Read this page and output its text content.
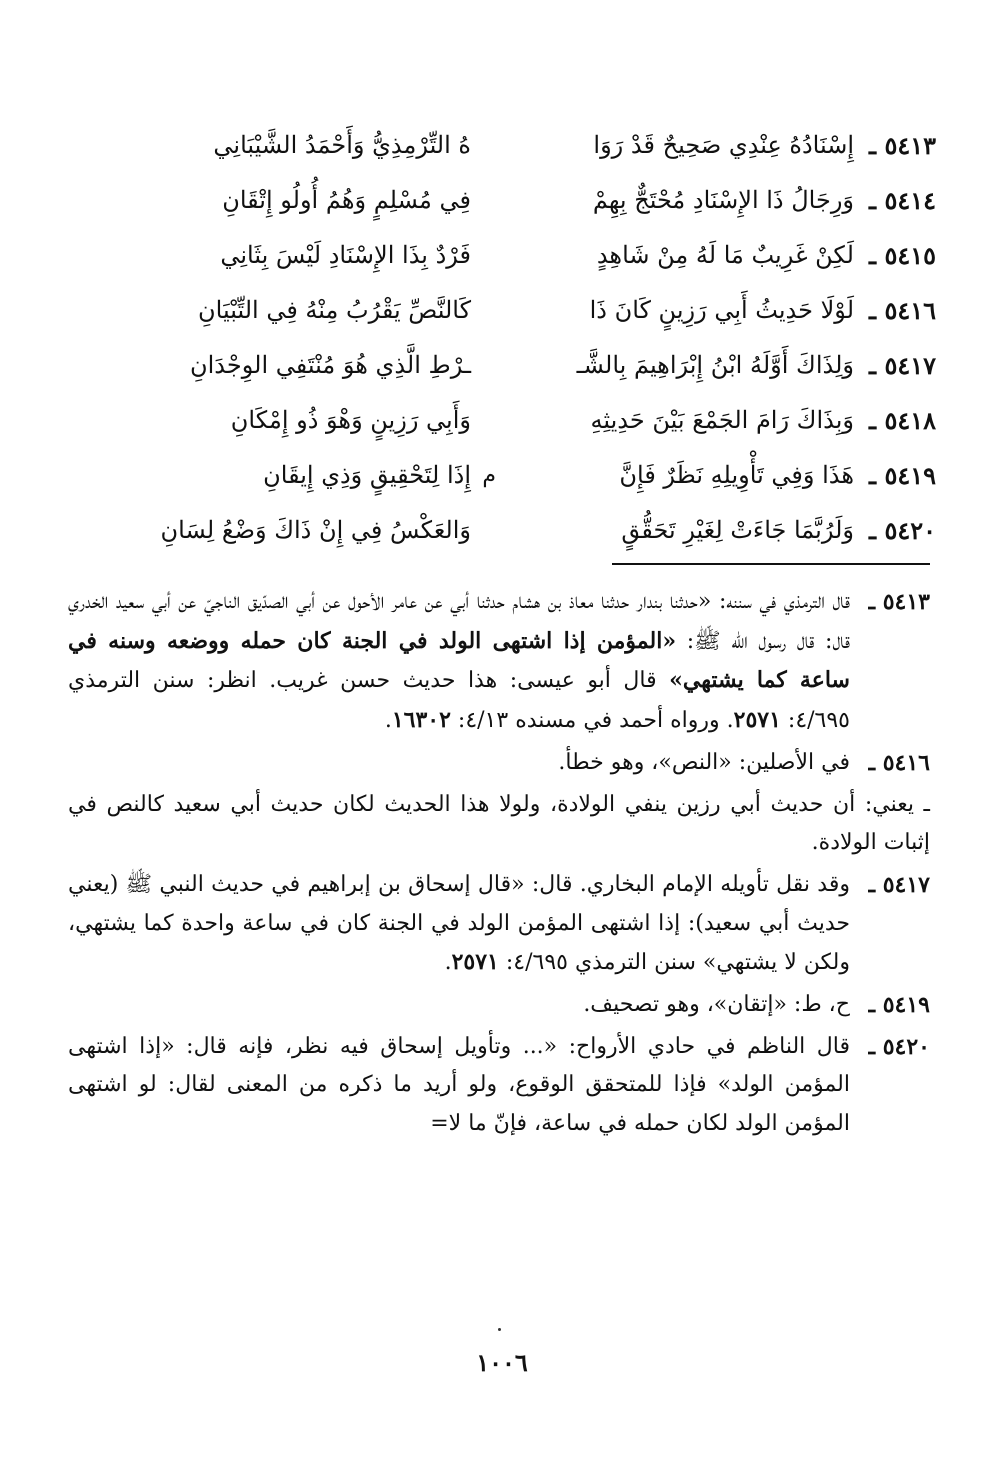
٥٤١٣ ـ
إِسْنَادُهُ عِنْدِي صَحِيحٌ قَدْ رَوَا
هُ التِّرْمِذِيُّ وَأَحْمَدُ الشَّيْبَانِي
٥٤١٤ ـ
وَرِجَالُ ذَا الإِسْنَادِ مُحْتَجٌّ بِهِمْ
فِي مُسْلِمٍ وَهُمُ أُولُو إِتْقَانِ
٥٤١٥ ـ
لَكِنْ غَرِيبٌ مَا لَهُ مِنْ شَاهِدٍ
فَرْدٌ بِذَا الإِسْنَادِ لَيْسَ بِثَانِي
٥٤١٦ ـ
لَوْلَا حَدِيثُ أَبِي رَزِينٍ كَانَ ذَا
كَالنَّصِّ يَقْرُبُ مِنْهُ فِي التِّبْيَانِ
٥٤١٧ ـ
وَلِذَاكَ أَوَّلَهُ ابْنُ إِبْرَاهِيمَ بِالشَّـ
ـرْطِ الَّذِي هُوَ مُنْتَفِي الوِجْدَانِ
٥٤١٨ ـ
وَبِذَاكَ رَامَ الجَمْعَ بَيْنَ حَدِيثِهِ
وَأَبِي رَزِينٍ وَهْوَ ذُو إِمْكَانِ
٥٤١٩ ـ
هَذَا وَفِي تَأْوِيلِهِ نَظَرٌ فَإِنَّ
إِذَا لِتَحْقِيقٍ وَذِي إِيقَانِ م
٥٤٢٠ ـ
وَلَرُبَّمَا جَاءَتْ لِغَيْرِ تَحَقُّقٍ
وَالعَكْسُ فِي إِنْ ذَاكَ وَضْعُ لِسَانِ
٥٤١٣ ـ
قال الترمذي في سننه: «حدثنا بندار حدثنا معاذ بن هشام حدثنا أبي عن عامر الأحول عن أبي الصدّيق الناجيّ عن أبي سعيد الخدري قال: قال رسول الله ﷺ: «المؤمن إذا اشتهى الولد في الجنة كان حمله ووضعه وسنه في ساعة كما يشتهي» قال أبو عيسى: هذا حديث حسن غريب. انظر: سنن الترمذي ٤/٦٩٥: ٢٥٧١. ورواه أحمد في مسنده ٤/١٣: ١٦٣٠٢.
٥٤١٦ ـ
في الأصلين: «النص»، وهو خطأ.
ـ يعني: أن حديث أبي رزين ينفي الولادة، ولولا هذا الحديث لكان حديث أبي سعيد كالنص في إثبات الولادة.
٥٤١٧ ـ
وقد نقل تأويله الإمام البخاري. قال: «قال إسحاق بن إبراهيم في حديث النبي ﷺ (يعني حديث أبي سعيد): إذا اشتهى المؤمن الولد في الجنة كان في ساعة واحدة كما يشتهي، ولكن لا يشتهي» سنن الترمذي ٤/٦٩٥: ٢٥٧١.
٥٤١٩ ـ
ح، ط: «إتقان»، وهو تصحيف.
٥٤٢٠ ـ
قال الناظم في حادي الأرواح: «... وتأويل إسحاق فيه نظر، فإنه قال: «إذا اشتهى المؤمن الولد» فإذا للمتحقق الوقوع، ولو أريد ما ذكره من المعنى لقال: لو اشتهى المؤمن الولد لكان حمله في ساعة، فإنّ ما لا=
١٠٠٦
